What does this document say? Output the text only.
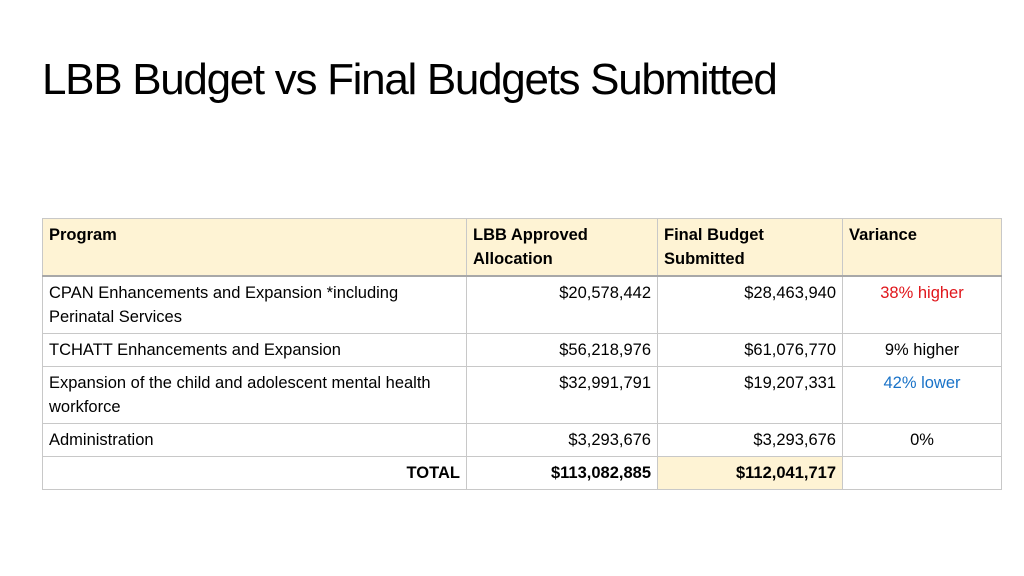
LBB Budget vs Final Budgets Submitted
Program	LBB Approved Allocation	Final Budget Submitted	Variance
CPAN Enhancements and Expansion *including Perinatal Services	$20,578,442	$28,463,940	38% higher
TCHATT Enhancements and Expansion	$56,218,976	$61,076,770	9% higher
Expansion of the child and adolescent mental health workforce	$32,991,791	$19,207,331	42% lower
Administration	$3,293,676	$3,293,676	0%
TOTAL	$113,082,885	$112,041,717	
